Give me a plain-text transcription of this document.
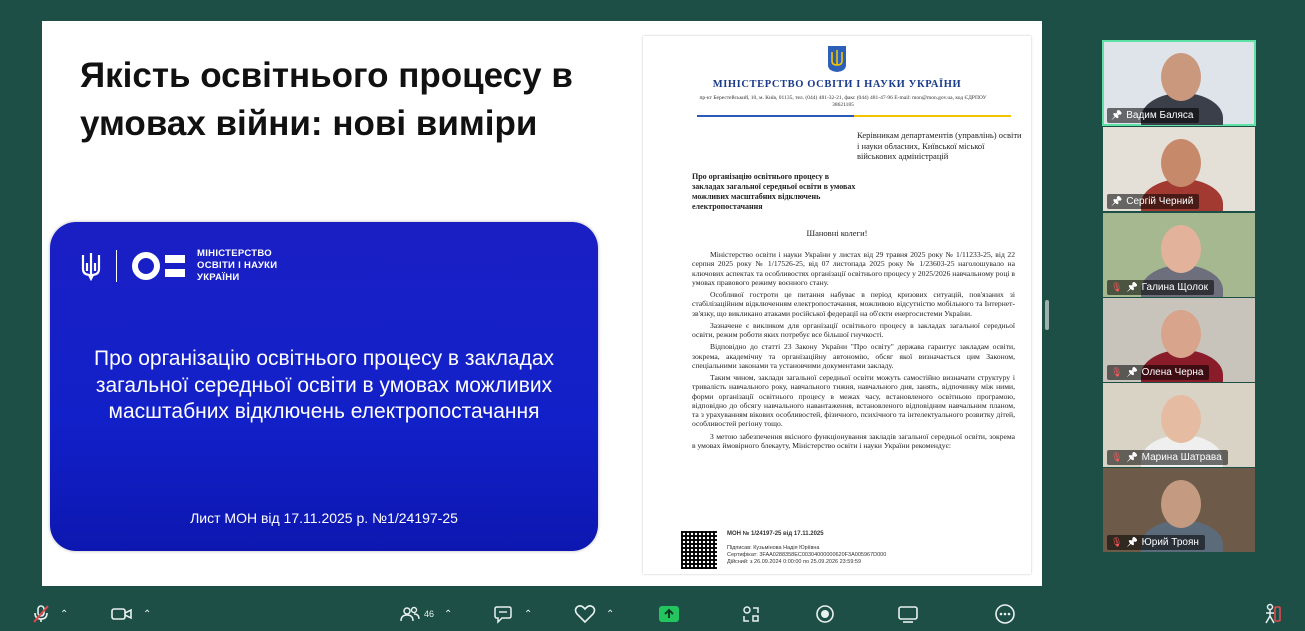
Якість освітнього процесу в умовах війни: нові виміри
МІНІСТЕРСТВО ОСВІТИ І НАУКИ УКРАЇНИ
Про організацію освітнього процесу в закладах загальної середньої освіти в умовах можливих масштабних відключень електропостачання
Лист МОН від 17.11.2025 р. №1/24197-25
МІНІСТЕРСТВО ОСВІТИ І НАУКИ УКРАЇНИ
пр-кт Берестейський, 10, м. Київ, 01135, тел. (044) 481-32-21, факс (044) 481-47-96 E-mail: mon@mon.gov.ua, код ЄДРПОУ 38621185
Керівникам департаментів (управлінь) освіти і науки обласних, Київської міської військових адміністрацій
Про організацію освітнього процесу в закладах загальної середньої освіти в умовах можливих масштабних відключень електропостачання
Шановні колеги!

Міністерство освіти і науки України у листах від 29 травня 2025 року № 1/11233-25, від 22 серпня 2025 року № 1/17526-25, від 07 листопада 2025 року № 1/23603-25 наголошувало на ключових аспектах та особливостях організації освітнього процесу у 2025/2026 навчальному році в умовах правового режиму воєнного стану.

Особливої гостроти це питання набуває в період кризових ситуацій, пов'язаних зі стабілізаційним відключенням електропостачання, можливою відсутністю мобільного та Інтернет-зв'язку, що викликано атаками російської федерації на об'єкти енергосистеми України.

Зазначене є викликом для організації освітнього процесу в закладах загальної середньої освіти, режим роботи яких потребує все більшої гнучкості.

Відповідно до статті 23 Закону України "Про освіту" держава гарантує закладам освіти, зокрема, академічну та організаційну автономію, обсяг якої визначається цим Законом, спеціальними законами та установчими документами закладу.

Таким чином, заклади загальної середньої освіти можуть самостійно визначати структуру і тривалість навчального року, навчального тижня, навчального дня, занять, відпочинку між ними, форми організації освітнього процесу в межах часу, встановленого освітньою програмою, відповідно до обсягу навчального навантаження, встановленого відповідним навчальним планом, та з урахуванням вікових особливостей, фізичного, психічного та інтелектуального розвитку дітей, особливостей регіону тощо.

З метою забезпечення якісного функціонування закладів загальної середньої освіти, зокрема в умовах ймовірного блекауту, Міністерство освіти і науки України рекомендує:

МОН № 1/24197-25 від 17.11.2025
Підписав: Кузьмінова Надія Юріївна
Сертифікат: 3FAA0288358EC00304000000620F3A005967D000
Дійсний: з 26.09.2024 0:00:00 по 25.09.2026 23:59:59
📌 Вадим Баляса
📌 Сергій Черний
🎙 📌 Галина Щолок
🎙 📌 Олена Черна
🎙 📌 Марина Шатрава
🎙 📌 Юрий Троян
⌃	⌃	46 ⌃	⌃	⌃
